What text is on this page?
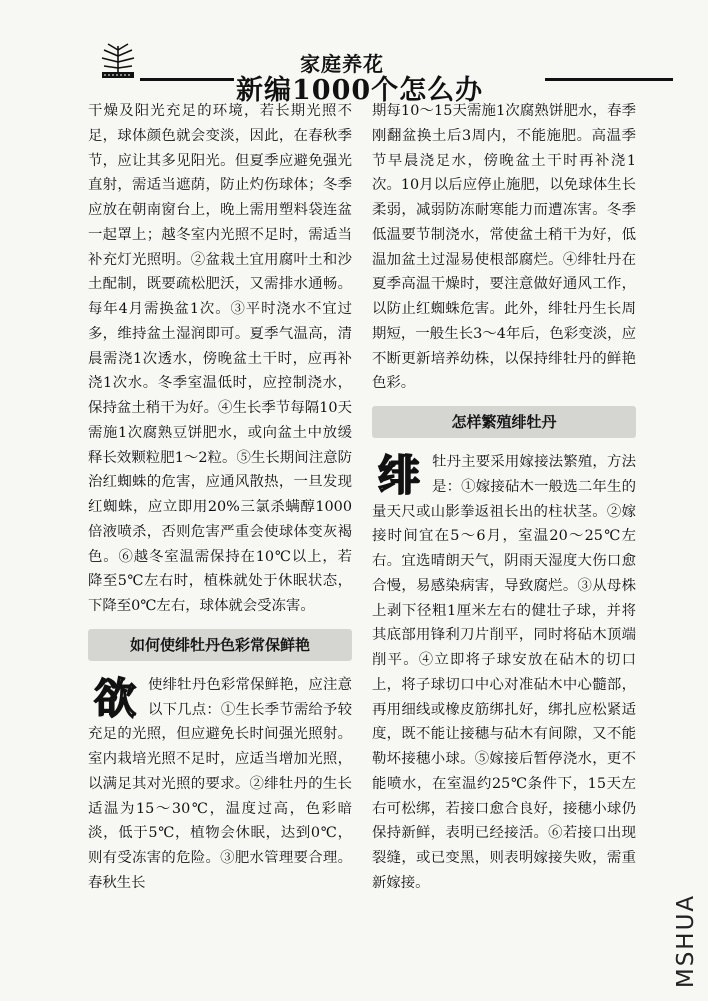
家庭养花
新编1000个怎么办

干燥及阳光充足的环境，若长期光照不足，球体颜色就会变淡，因此，在春秋季节，应让其多见阳光。但夏季应避免强光直射，需适当遮荫，防止灼伤球体；冬季应放在朝南窗台上，晚上需用塑料袋连盆一起罩上；越冬室内光照不足时，需适当补充灯光照明。②盆栽土宜用腐叶土和沙土配制，既要疏松肥沃，又需排水通畅。每年4月需换盆1次。③平时浇水不宜过多，维持盆土湿润即可。夏季气温高，清晨需浇1次透水，傍晚盆土干时，应再补浇1次水。冬季室温低时，应控制浇水，保持盆土稍干为好。④生长季节每隔10天需施1次腐熟豆饼肥水，或向盆土中放缓释长效颗粒肥1～2粒。⑤生长期间注意防治红蜘蛛的危害，应通风散热，一旦发现红蜘蛛，应立即用20%三氯杀螨醇1000倍液喷杀，否则危害严重会使球体变灰褐色。⑥越冬室温需保持在10℃以上，若降至5℃左右时，植株就处于休眠状态，下降至0℃左右，球体就会受冻害。

如何使绯牡丹色彩常保鲜艳

欲使绯牡丹色彩常保鲜艳，应注意以下几点：①生长季节需给予较充足的光照，但应避免长时间强光照射。室内栽培光照不足时，应适当增加光照，以满足其对光照的要求。②绯牡丹的生长适温为15～30℃，温度过高，色彩暗淡，低于5℃，植物会休眠，达到0℃，则有受冻害的危险。③肥水管理要合理。春秋生长

期每10～15天需施1次腐熟饼肥水，春季刚翻盆换土后3周内，不能施肥。高温季节早晨浇足水，傍晚盆土干时再补浇1次。10月以后应停止施肥，以免球体生长柔弱，减弱防冻耐寒能力而遭冻害。冬季低温要节制浇水，常使盆土稍干为好，低温加盆土过湿易使根部腐烂。④绯牡丹在夏季高温干燥时，要注意做好通风工作，以防止红蜘蛛危害。此外，绯牡丹生长周期短，一般生长3～4年后，色彩变淡，应不断更新培养幼株，以保持绯牡丹的鲜艳色彩。

怎样繁殖绯牡丹

绯牡丹主要采用嫁接法繁殖，方法是：①嫁接砧木一般选二年生的量天尺或山影拳返祖长出的柱状茎。②嫁接时间宜在5～6月，室温20～25℃左右。宜选晴朗天气，阴雨天湿度大伤口愈合慢，易感染病害，导致腐烂。③从母株上剥下径粗1厘米左右的健壮子球，并将其底部用锋利刀片削平，同时将砧木顶端削平。④立即将子球安放在砧木的切口上，将子球切口中心对准砧木中心髓部，再用细线或橡皮筋绑扎好，绑扎应松紧适度，既不能让接穗与砧木有间隙，又不能勒坏接穗小球。⑤嫁接后暂停浇水，更不能喷水，在室温约25℃条件下，15天左右可松绑，若接口愈合良好，接穗小球仍保持新鲜，表明已经接活。⑥若接口出现裂缝，或已变黑，则表明嫁接失败，需重新嫁接。

MSHUA
